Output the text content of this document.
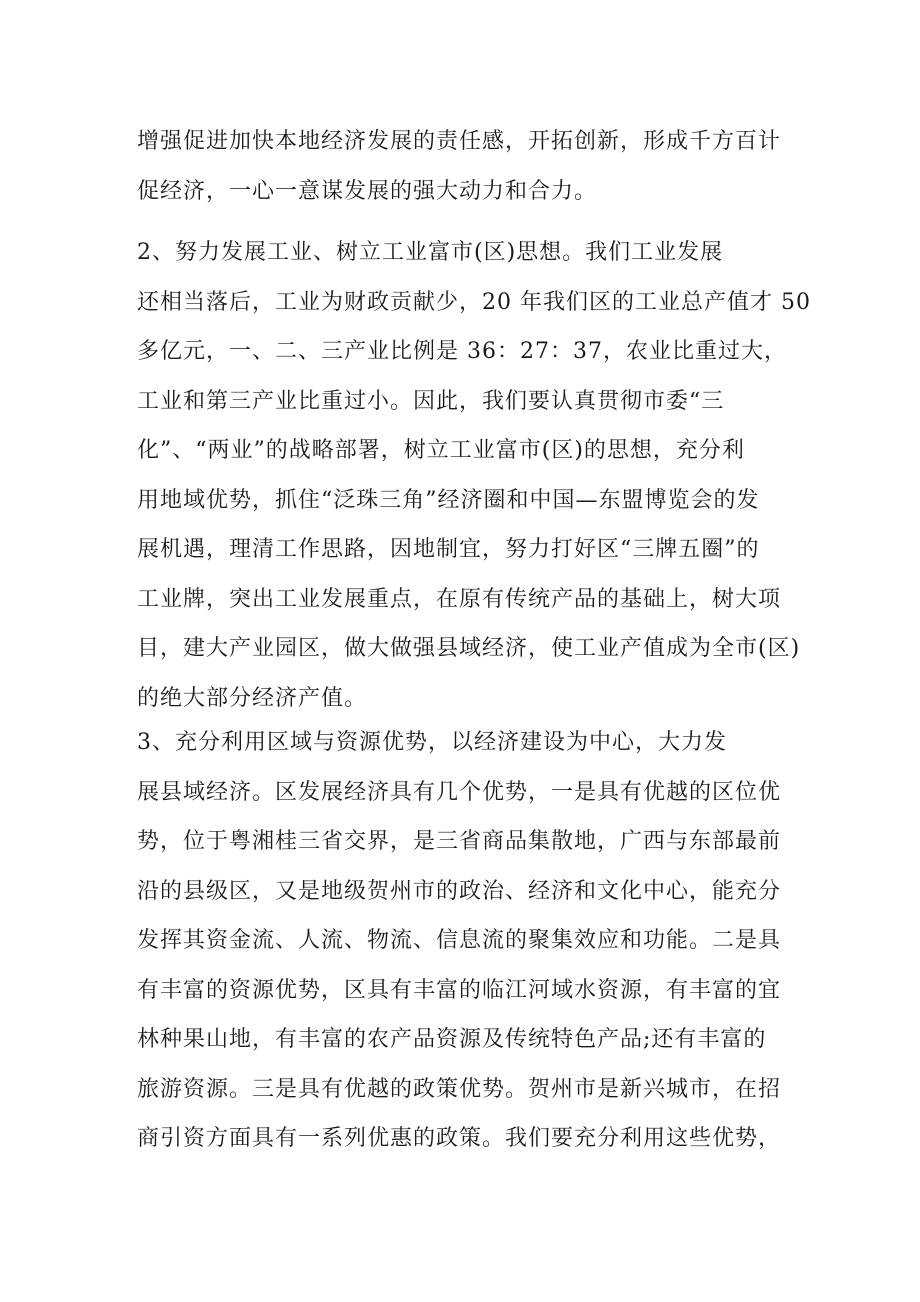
增强促进加快本地经济发展的责任感，开拓创新，形成千方百计
促经济，一心一意谋发展的强大动力和合力。
2、努力发展工业、树立工业富市(区)思想。我们工业发展
还相当落后，工业为财政贡献少，20 年我们区的工业总产值才 50
多亿元，一、二、三产业比例是 36：27：37，农业比重过大，
工业和第三产业比重过小。因此，我们要认真贯彻市委“三
化”、“两业”的战略部署，树立工业富市(区)的思想，充分利
用地域优势，抓住“泛珠三角”经济圈和中国—东盟博览会的发
展机遇，理清工作思路，因地制宜，努力打好区“三牌五圈”的
工业牌，突出工业发展重点，在原有传统产品的基础上，树大项
目，建大产业园区，做大做强县域经济，使工业产值成为全市(区)
的绝大部分经济产值。
3、充分利用区域与资源优势，以经济建设为中心，大力发
展县域经济。区发展经济具有几个优势，一是具有优越的区位优
势，位于粤湘桂三省交界，是三省商品集散地，广西与东部最前
沿的县级区，又是地级贺州市的政治、经济和文化中心，能充分
发挥其资金流、人流、物流、信息流的聚集效应和功能。二是具
有丰富的资源优势，区具有丰富的临江河域水资源，有丰富的宜
林种果山地，有丰富的农产品资源及传统特色产品;还有丰富的
旅游资源。三是具有优越的政策优势。贺州市是新兴城市，在招
商引资方面具有一系列优惠的政策。我们要充分利用这些优势，
